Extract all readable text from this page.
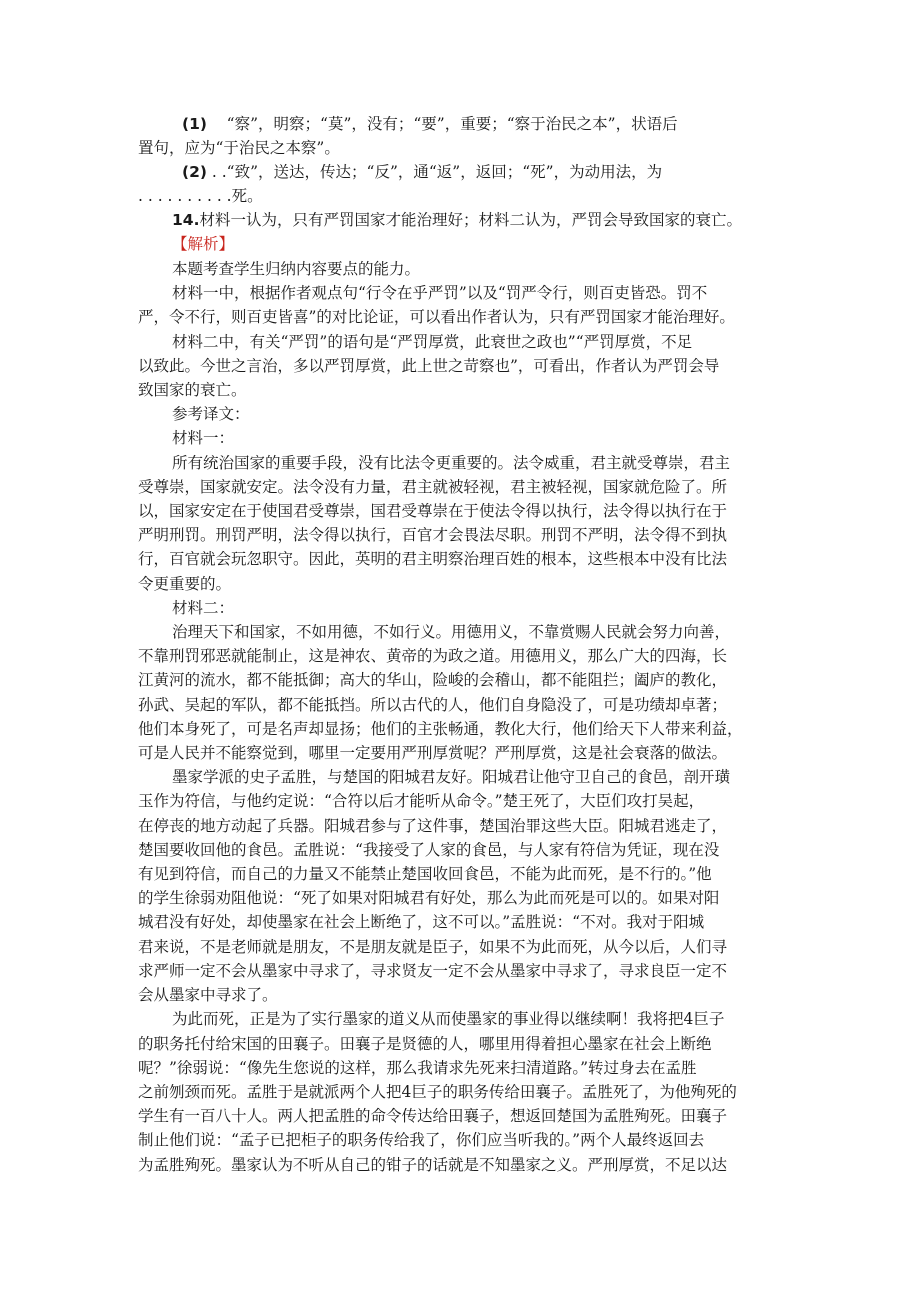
(1) “察”，明察；“莫”，没有；“要”，重要；“察于治民之本”，状语后
置句，应为“于治民之本察”。
(2) . .“致”，送达，传达；“反”，通“返”，返回；“死”，为动用法，为
. . . . . . . . . .死。
14.材料一认为，只有严罚国家才能治理好；材料二认为，严罚会导致国家的衰亡。
【解析】
本题考查学生归纳内容要点的能力。
材料一中，根据作者观点句“行令在乎严罚”以及“罚严令行，则百吏皆恐。罚不
严，令不行，则百吏皆喜”的对比论证，可以看出作者认为，只有严罚国家才能治理好。
材料二中，有关“严罚”的语句是“严罚厚赏，此衰世之政也”“严罚厚赏，不足
以致此。今世之言治，多以严罚厚赏，此上世之苛察也”，可看出，作者认为严罚会导
致国家的衰亡。
参考译文：
材料一：
所有统治国家的重要手段，没有比法令更重要的。法令威重，君主就受尊崇，君主
受尊崇，国家就安定。法令没有力量，君主就被轻视，君主被轻视，国家就危险了。所
以，国家安定在于使国君受尊崇，国君受尊崇在于使法令得以执行，法令得以执行在于
严明刑罚。刑罚严明，法令得以执行，百官才会畏法尽职。刑罚不严明，法令得不到执
行，百官就会玩忽职守。因此，英明的君主明察治理百姓的根本，这些根本中没有比法
令更重要的。
材料二：
治理天下和国家，不如用德，不如行义。用德用义，不靠赏赐人民就会努力向善，
不靠刑罚邪恶就能制止，这是神农、黄帝的为政之道。用德用义，那么广大的四海，长
江黄河的流水，都不能抵御；高大的华山，险峻的会稽山，都不能阻拦；阖庐的教化，
孙武、吴起的军队，都不能抵挡。所以古代的人，他们自身隐没了，可是功绩却卓著；
他们本身死了，可是名声却显扬；他们的主张畅通，教化大行，他们给天下人带来利益，
可是人民并不能察觉到，哪里一定要用严刑厚赏呢？严刑厚赏，这是社会衰落的做法。
墨家学派的史子孟胜，与楚国的阳城君友好。阳城君让他守卫自己的食邑，剖开璜
玉作为符信，与他约定说：“合符以后才能听从命令。”楚王死了，大臣们攻打吴起，
在停丧的地方动起了兵器。阳城君参与了这件事，楚国治罪这些大臣。阳城君逃走了，
楚国要收回他的食邑。孟胜说：“我接受了人家的食邑，与人家有符信为凭证，现在没
有见到符信，而自己的力量又不能禁止楚国收回食邑，不能为此而死，是不行的。”他
的学生徐弱劝阻他说：“死了如果对阳城君有好处，那么为此而死是可以的。如果对阳
城君没有好处，却使墨家在社会上断绝了，这不可以。”孟胜说：“不对。我对于阳城
君来说，不是老师就是朋友，不是朋友就是臣子，如果不为此而死，从今以后，人们寻
求严师一定不会从墨家中寻求了，寻求贤友一定不会从墨家中寻求了，寻求良臣一定不
会从墨家中寻求了。
为此而死，正是为了实行墨家的道义从而使墨家的事业得以继续啊！我将把4巨子
的职务托付给宋国的田襄子。田襄子是贤德的人，哪里用得着担心墨家在社会上断绝
呢？”徐弱说：“像先生您说的这样，那么我请求先死来扫清道路。”转过身去在孟胜
之前刎颈而死。孟胜于是就派两个人把4巨子的职务传给田襄子。孟胜死了，为他殉死的
学生有一百八十人。两人把孟胜的命令传达给田襄子，想返回楚国为孟胜殉死。田襄子
制止他们说：“孟子已把柜子的职务传给我了，你们应当听我的。”两个人最终返回去
为孟胜殉死。墨家认为不听从自己的钳子的话就是不知墨家之义。严刑厚赏，不足以达
